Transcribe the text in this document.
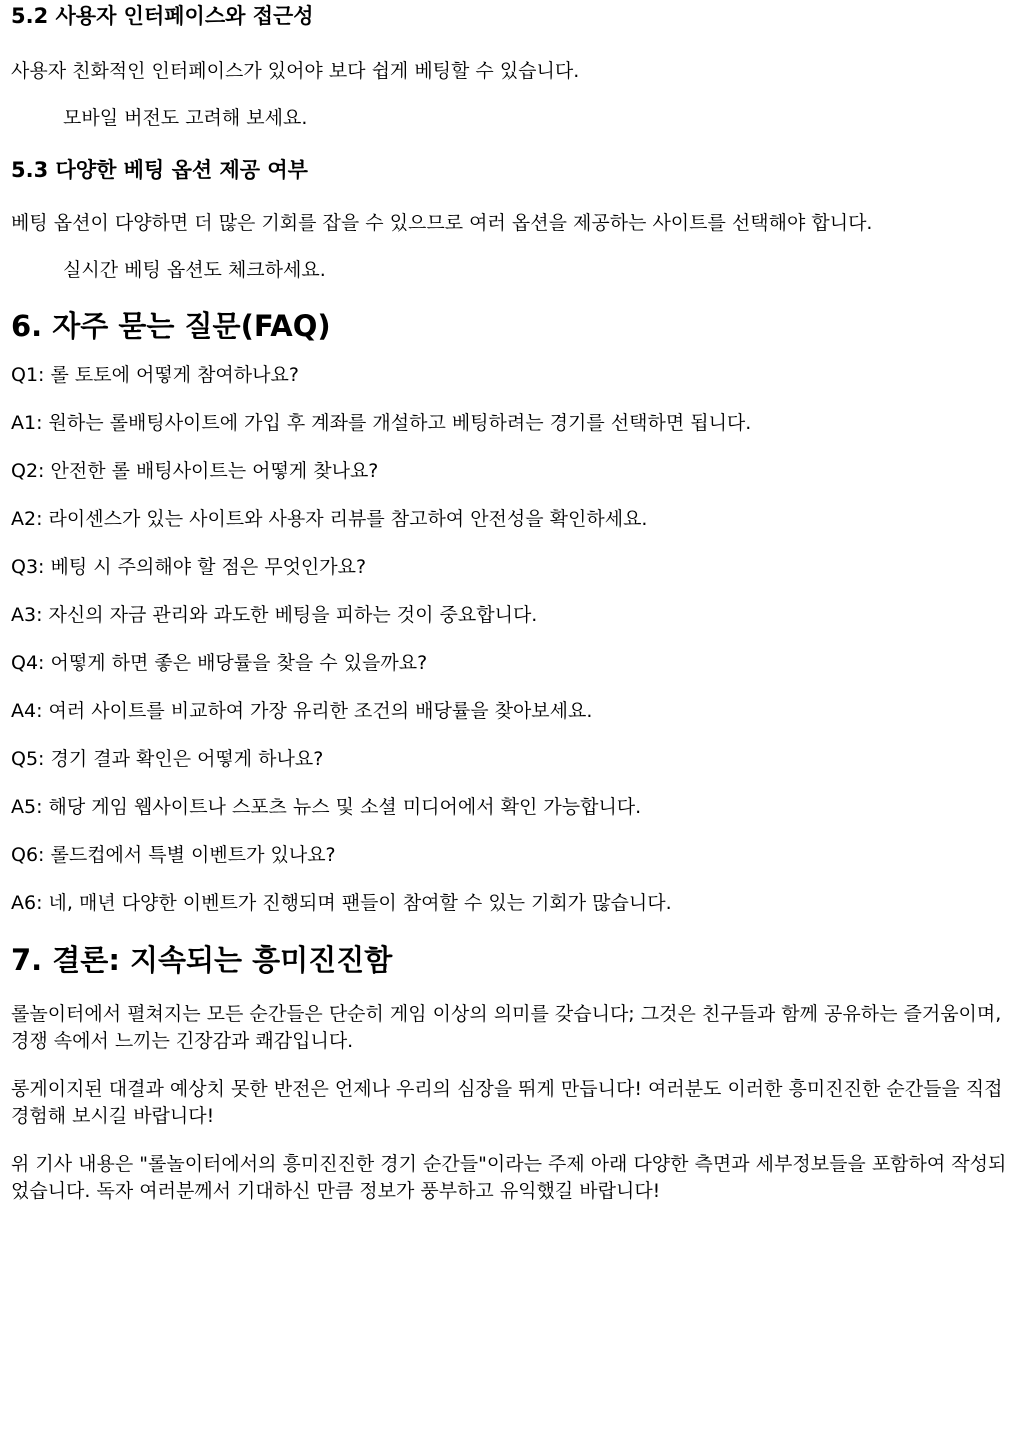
5.2 사용자 인터페이스와 접근성

사용자 친화적인 인터페이스가 있어야 보다 쉽게 베팅할 수 있습니다.

모바일 버전도 고려해 보세요.

5.3 다양한 베팅 옵션 제공 여부

베팅 옵션이 다양하면 더 많은 기회를 잡을 수 있으므로 여러 옵션을 제공하는 사이트를 선택해야 합니다.

실시간 베팅 옵션도 체크하세요.

6. 자주 묻는 질문(FAQ)

Q1: 롤 토토에 어떻게 참여하나요?

A1: 원하는 롤배팅사이트에 가입 후 계좌를 개설하고 베팅하려는 경기를 선택하면 됩니다.

Q2: 안전한 롤 배팅사이트는 어떻게 찾나요?

A2: 라이센스가 있는 사이트와 사용자 리뷰를 참고하여 안전성을 확인하세요.

Q3: 베팅 시 주의해야 할 점은 무엇인가요?

A3: 자신의 자금 관리와 과도한 베팅을 피하는 것이 중요합니다.

Q4: 어떻게 하면 좋은 배당률을 찾을 수 있을까요?

A4: 여러 사이트를 비교하여 가장 유리한 조건의 배당률을 찾아보세요.

Q5: 경기 결과 확인은 어떻게 하나요?

A5: 해당 게임 웹사이트나 스포츠 뉴스 및 소셜 미디어에서 확인 가능합니다.

Q6: 롤드컵에서 특별 이벤트가 있나요?

A6: 네, 매년 다양한 이벤트가 진행되며 팬들이 참여할 수 있는 기회가 많습니다.

7. 결론: 지속되는 흥미진진함

롤놀이터에서 펼쳐지는 모든 순간들은 단순히 게임 이상의 의미를 갖습니다; 그것은 친구들과 함께 공유하는 즐거움이며, 경쟁 속에서 느끼는 긴장감과 쾌감입니다.

롱게이지된 대결과 예상치 못한 반전은 언제나 우리의 심장을 뛰게 만듭니다! 여러분도 이러한 흥미진진한 순간들을 직접 경험해 보시길 바랍니다!

위 기사 내용은 "롤놀이터에서의 흥미진진한 경기 순간들"이라는 주제 아래 다양한 측면과 세부정보들을 포함하여 작성되었습니다. 독자 여러분께서 기대하신 만큼 정보가 풍부하고 유익했길 바랍니다!
